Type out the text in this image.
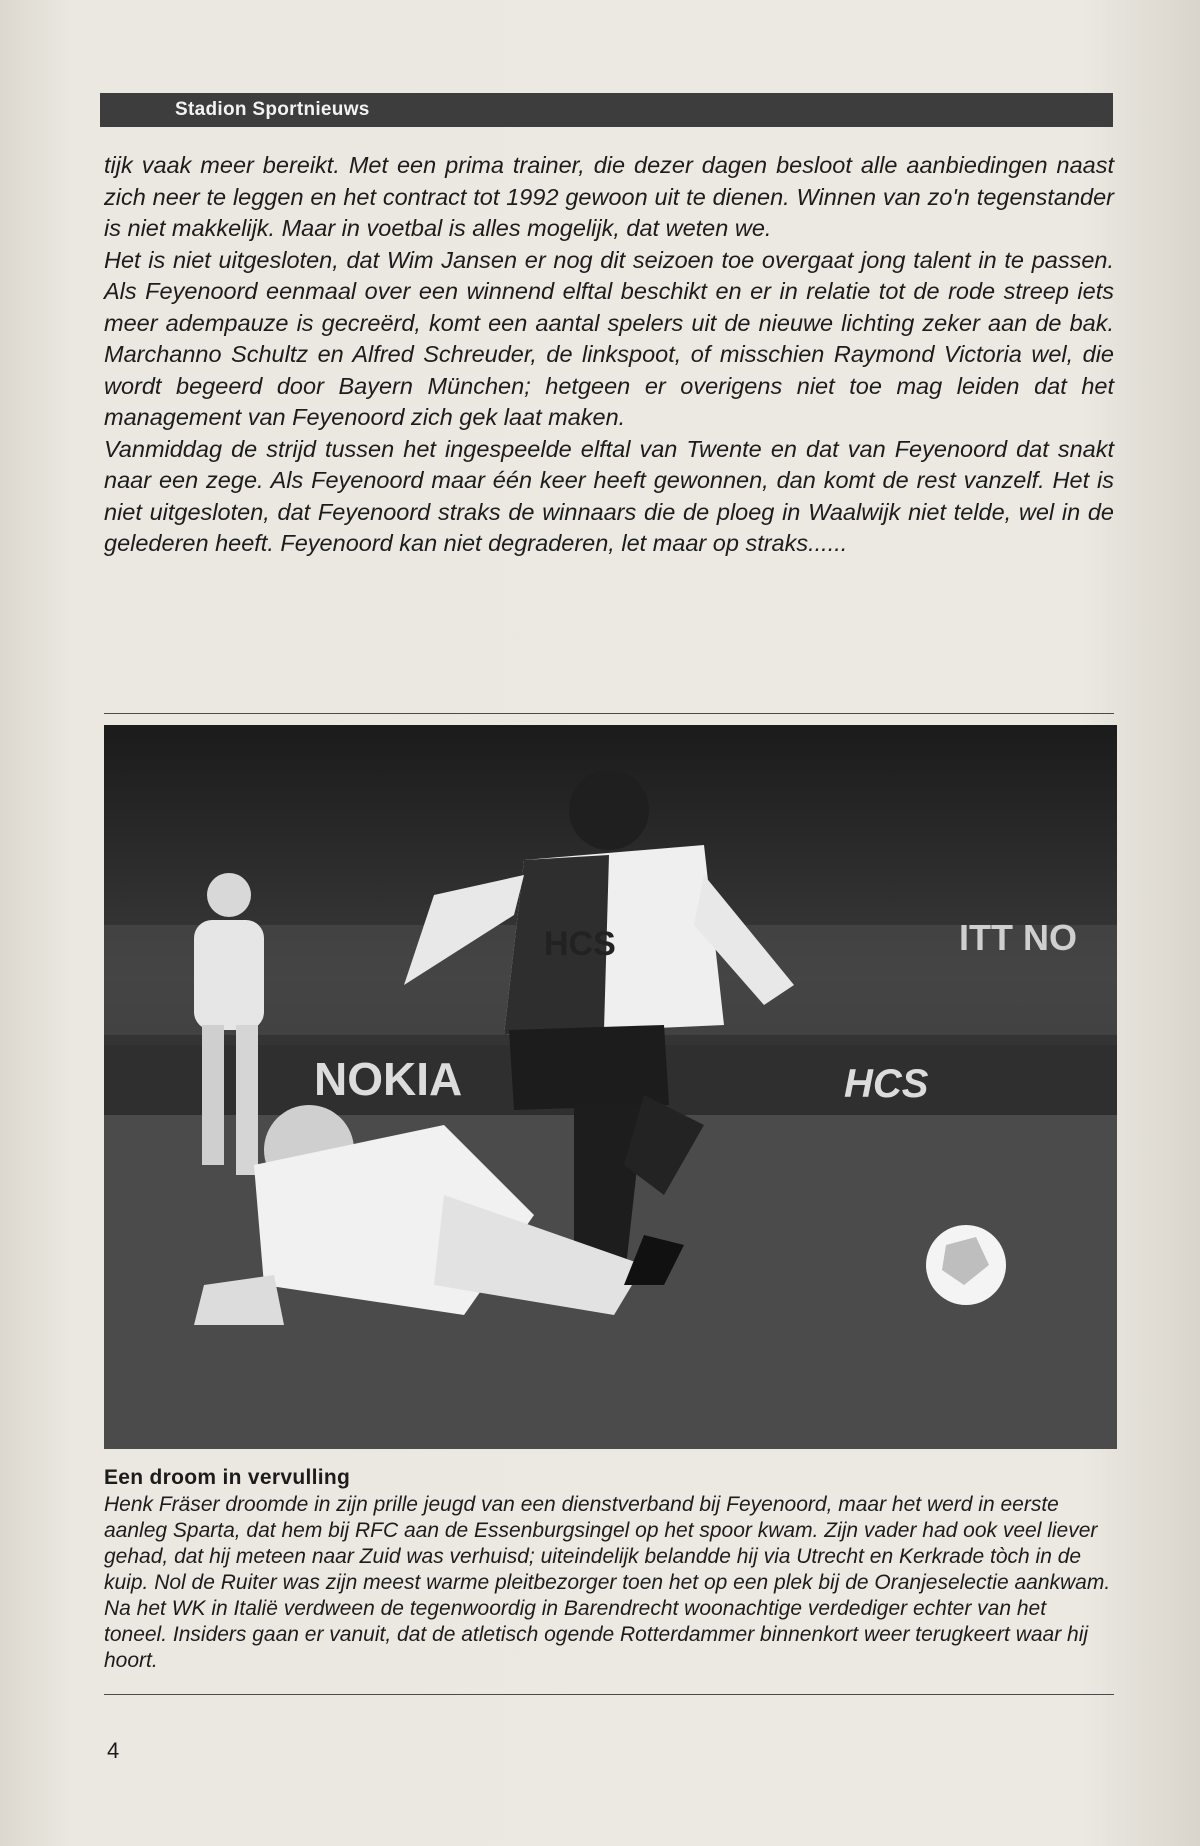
Stadion Sportnieuws

tijk vaak meer bereikt. Met een prima trainer, die dezer dagen besloot alle aanbiedingen naast zich neer te leggen en het contract tot 1992 gewoon uit te dienen. Winnen van zo'n tegenstander is niet makkelijk. Maar in voetbal is alles mogelijk, dat weten we.

Het is niet uitgesloten, dat Wim Jansen er nog dit seizoen toe overgaat jong talent in te passen. Als Feyenoord eenmaal over een winnend elftal beschikt en er in relatie tot de rode streep iets meer adempauze is gecreërd, komt een aantal spelers uit de nieuwe lichting zeker aan de bak. Marchanno Schultz en Alfred Schreuder, de linkspoot, of misschien Raymond Victoria wel, die wordt begeerd door Bayern München; hetgeen er overigens niet toe mag leiden dat het management van Feyenoord zich gek laat maken.

Vanmiddag de strijd tussen het ingespeelde elftal van Twente en dat van Feyenoord dat snakt naar een zege. Als Feyenoord maar één keer heeft gewonnen, dan komt de rest vanzelf. Het is niet uitgesloten, dat Feyenoord straks de winnaars die de ploeg in Waalwijk niet telde, wel in de gelederen heeft. Feyenoord kan niet degraderen, let maar op straks......

NOKIA	HCS
ITT NO
HCS
Een droom in vervulling
Henk Fräser droomde in zijn prille jeugd van een dienstverband bij Feyenoord, maar het werd in eerste aanleg Sparta, dat hem bij RFC aan de Essenburgsingel op het spoor kwam. Zijn vader had ook veel liever gehad, dat hij meteen naar Zuid was verhuisd; uiteindelijk belandde hij via Utrecht en Kerkrade tòch in de kuip. Nol de Ruiter was zijn meest warme pleitbezorger toen het op een plek bij de Oranjeselectie aankwam. Na het WK in Italië verdween de tegenwoordig in Barendrecht woonachtige verdediger echter van het toneel. Insiders gaan er vanuit, dat de atletisch ogende Rotterdammer binnenkort weer terugkeert waar hij hoort.
4
